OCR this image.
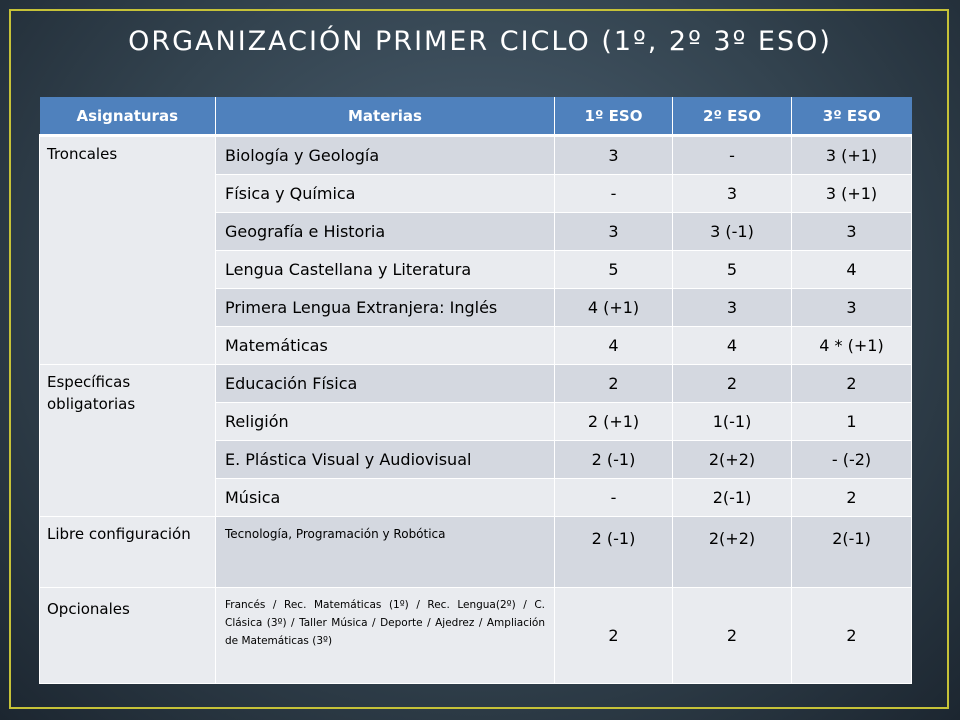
ORGANIZACIÓN PRIMER CICLO (1º, 2º 3º ESO)
Asignaturas	Materias	1º ESO	2º ESO	3º ESO
Troncales	Biología y Geología	3	-	3 (+1)
	Física y Química	-	3	3 (+1)
	Geografía e Historia	3	3 (-1)	3
	Lengua Castellana y Literatura	5	5	4
	Primera Lengua Extranjera: Inglés	4 (+1)	3	3
	Matemáticas	4	4	4 * (+1)
Específicas obligatorias	Educación Física	2	2	2
	Religión	2 (+1)	1(-1)	1
	E. Plástica Visual y Audiovisual	2 (-1)	2(+2)	- (-2)
	Música	-	2(-1)	2
Libre configuración	Tecnología, Programación y Robótica	2 (-1)	2(+2)	2(-1)
Opcionales	Francés / Rec. Matemáticas (1º) / Rec. Lengua(2º) / C. Clásica (3º) / Taller Música / Deporte / Ajedrez / Ampliación de Matemáticas (3º)	2	2	2
